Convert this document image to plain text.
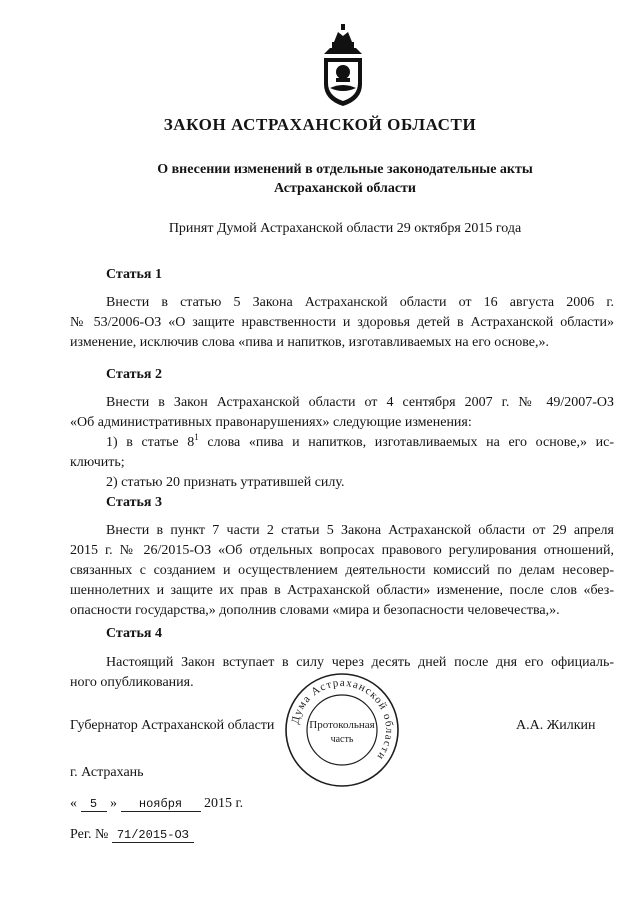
ЗАКОН АСТРАХАНСКОЙ ОБЛАСТИ
О внесении изменений в отдельные законодательные акты
Астраханской области
Принят Думой Астраханской области 29 октября 2015 года
Статья 1
Внести в статью 5 Закона Астраханской области от 16 августа 2006 г.
№ 53/2006-ОЗ «О защите нравственности и здоровья детей в Астраханской области»
изменение, исключив слова «пива и напитков, изготавливаемых на его основе,».
Статья 2
Внести в Закон Астраханской области от 4 сентября 2007 г. № 49/2007-ОЗ
«Об административных правонарушениях» следующие изменения:
1) в статье $8^1$ слова «пива и напитков, изготавливаемых на его основе,» ис-
ключить;
2) статью 20 признать утратившей силу.
Статья 3
Внести в пункт 7 части 2 статьи 5 Закона Астраханской области от 29 апреля
2015 г. № 26/2015-ОЗ «Об отдельных вопросах правового регулирования отношений,
связанных с созданием и осуществлением деятельности комиссий по делам несовер-
шеннолетних и защите их прав в Астраханской области» изменение, после слов «без-
опасности государства,» дополнив словами «мира и безопасности человечества,».
Статья 4
Настоящий Закон вступает в силу через десять дней после дня его официаль-
ного опубликования.
Губернатор Астраханской области	А.А. Жилкин
г. Астрахань
« 5 » ноября 2015 г.
Рег. № 71/2015-ОЗ
Дума Астраханской области
Протокольная
часть
